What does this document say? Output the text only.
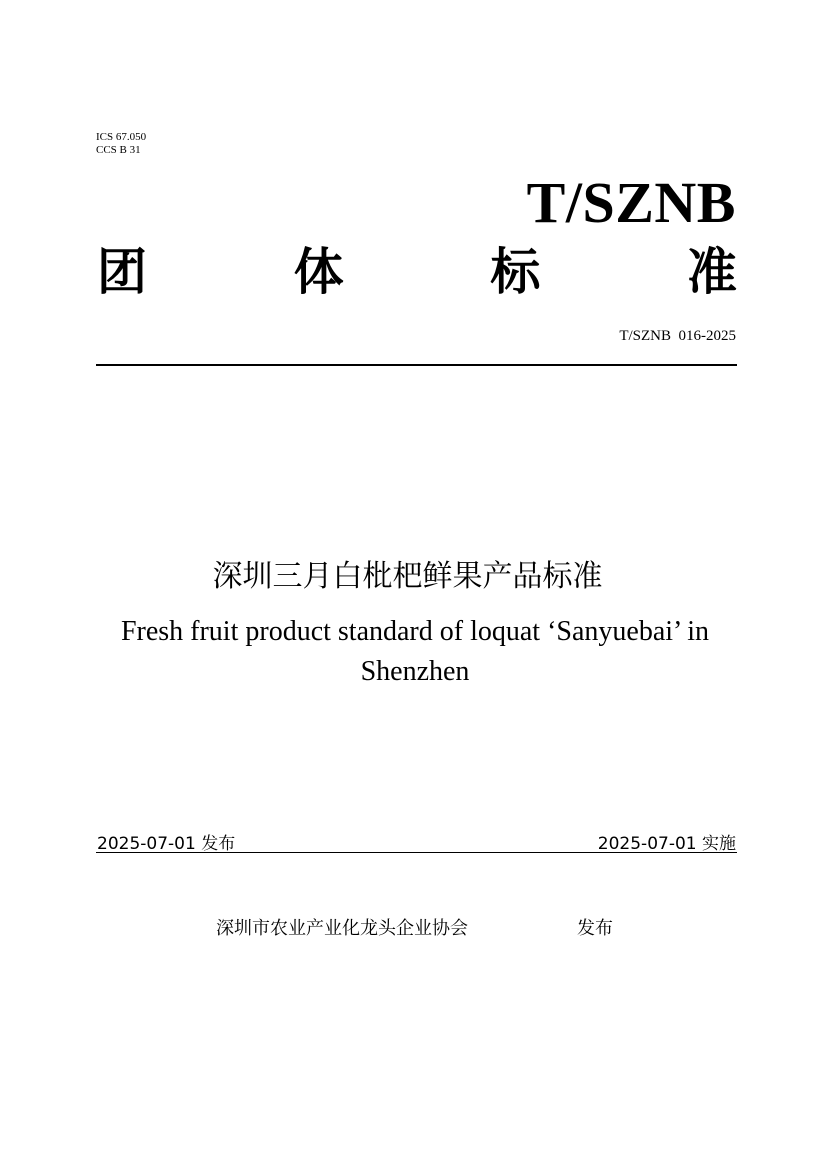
ICS 67.050
CCS B 31
T/SZNB
团	体	标	准
T/SZNB  016-2025
深圳三月白枇杷鲜果产品标准
Fresh fruit product standard of loquat ‘Sanyuebai’ in Shenzhen
2025-07-01 发布	2025-07-01 实施
深圳市农业产业化龙头企业协会	发布
